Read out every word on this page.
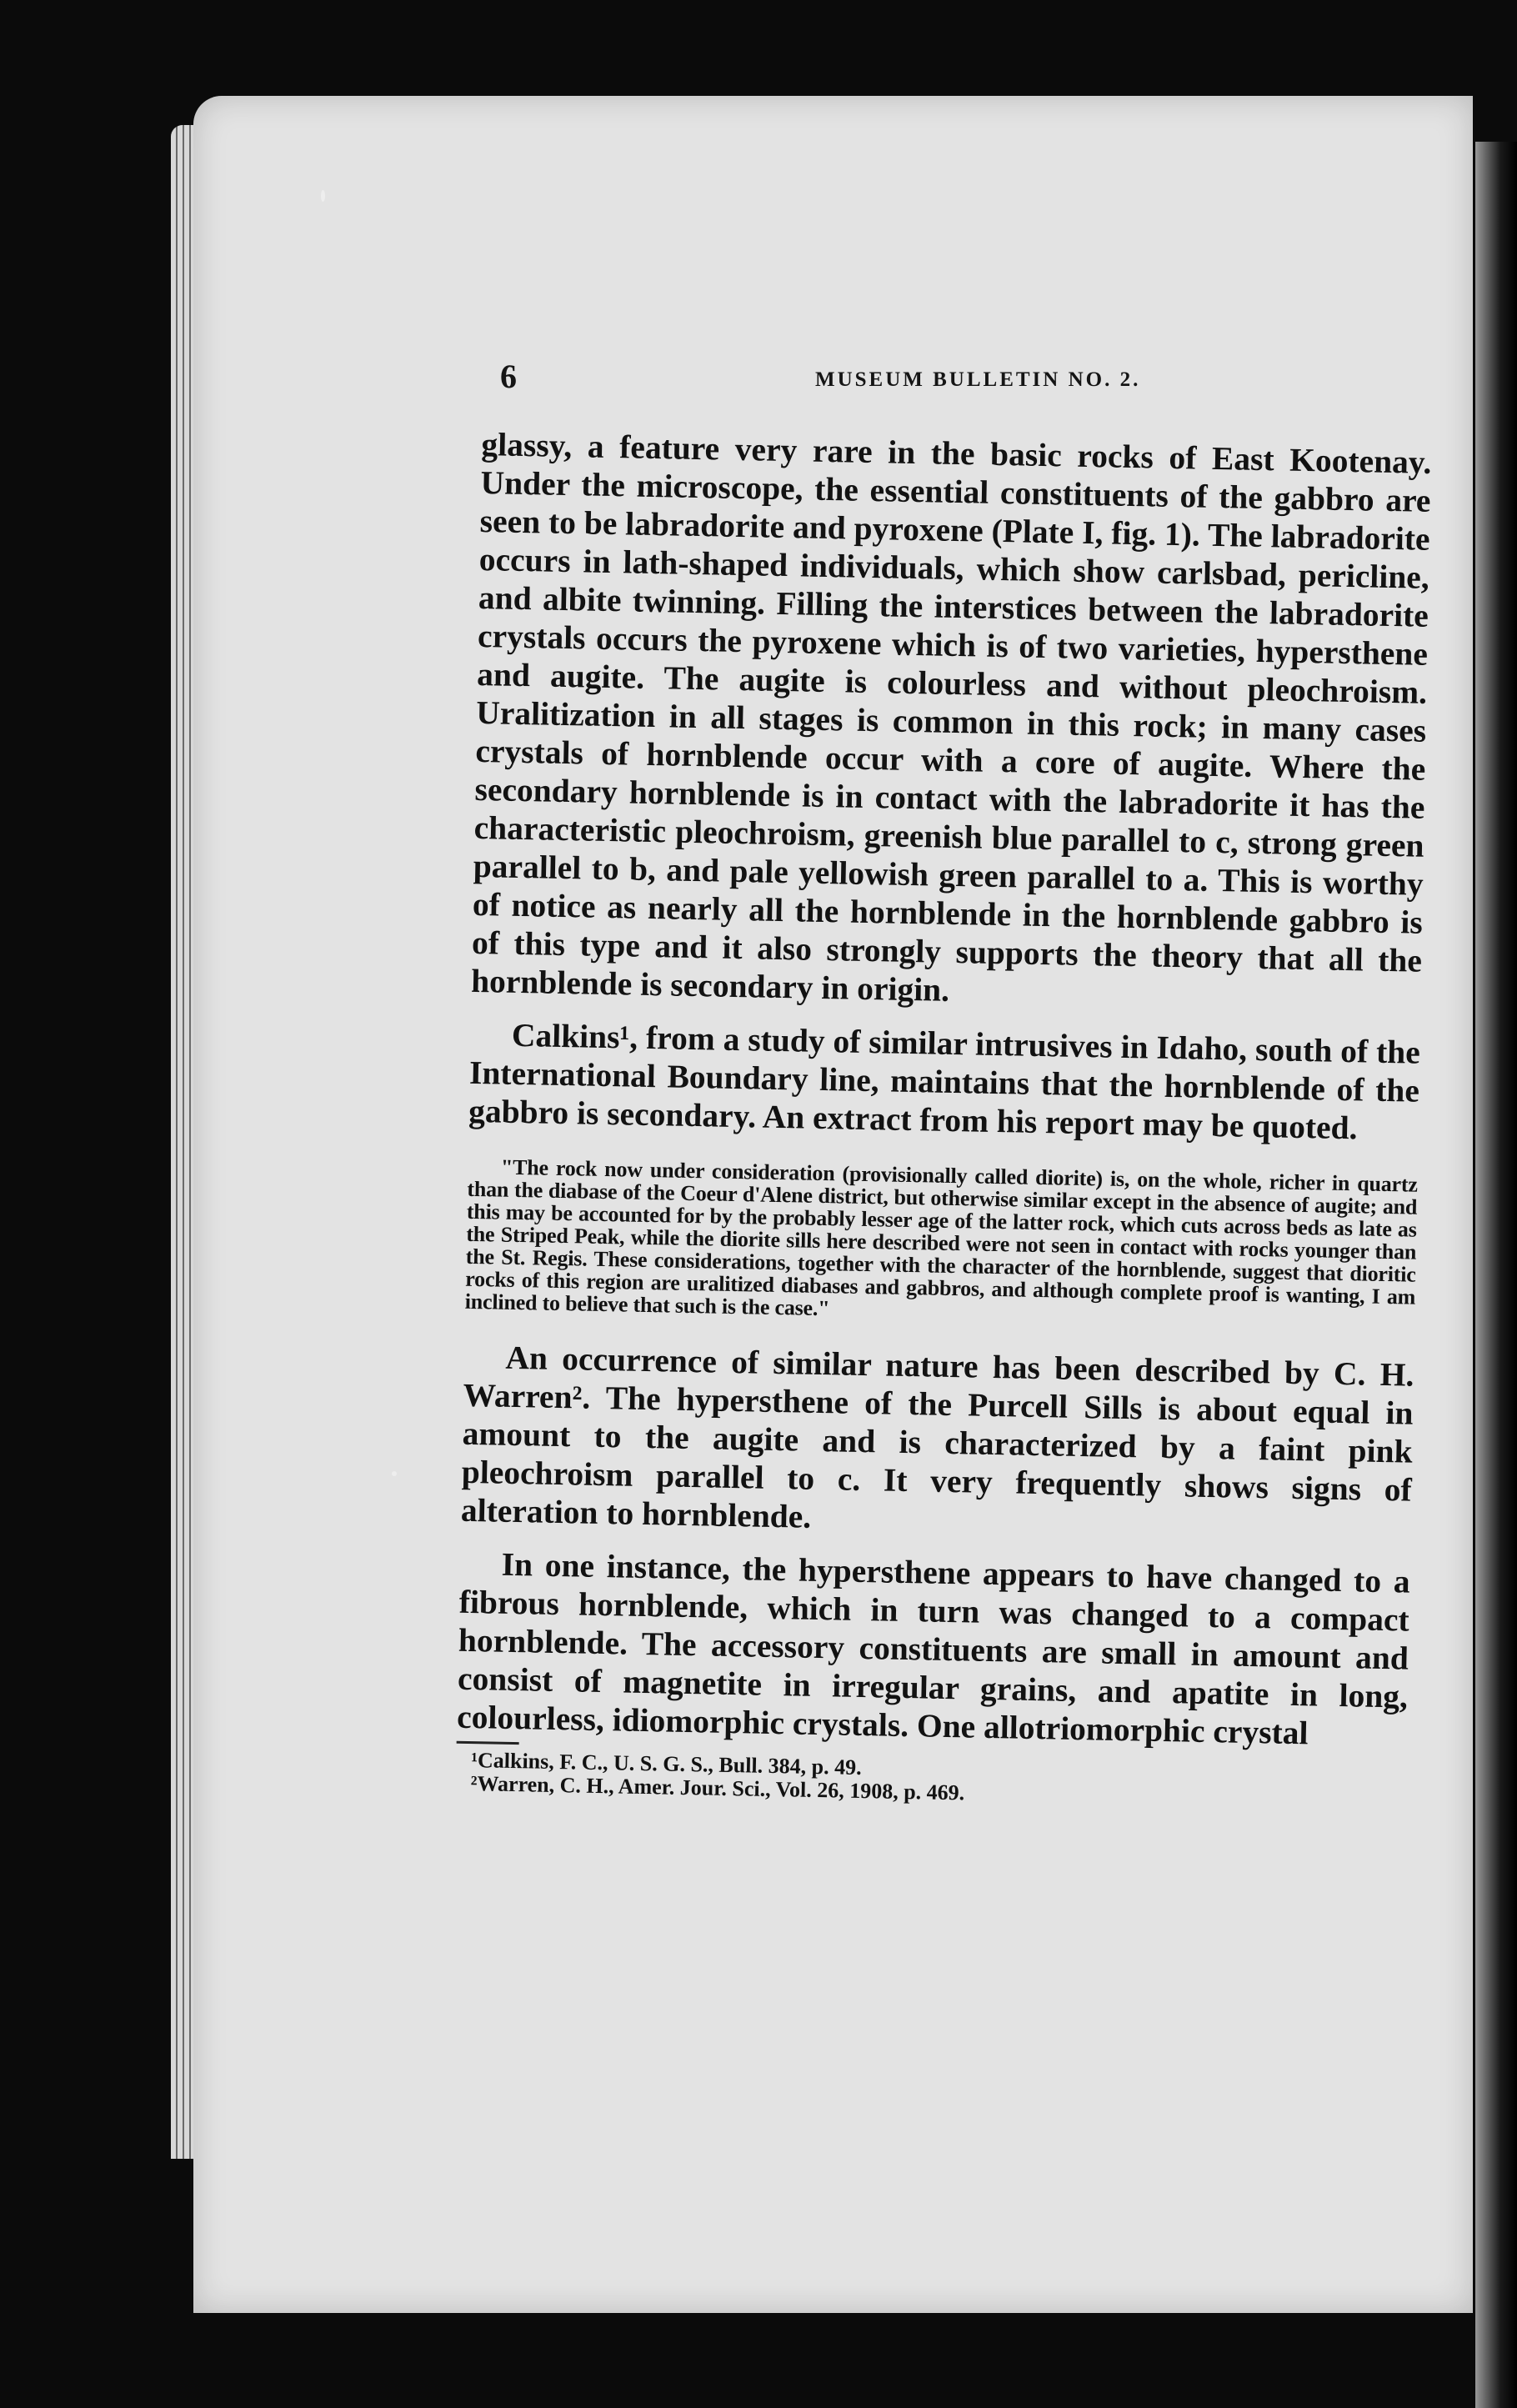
6	MUSEUM BULLETIN NO. 2.

glassy, a feature very rare in the basic rocks of East Kootenay. Under the microscope, the essential constituents of the gabbro are seen to be labradorite and pyroxene (Plate I, fig. 1). The labradorite occurs in lath-shaped individuals, which show carlsbad, pericline, and albite twinning. Filling the interstices between the labradorite crystals occurs the pyroxene which is of two varieties, hypersthene and augite. The augite is colourless and without pleochroism. Uralitization in all stages is common in this rock; in many cases crystals of hornblende occur with a core of augite. Where the secondary hornblende is in contact with the labradorite it has the characteristic pleochroism, greenish blue parallel to c, strong green parallel to b, and pale yellowish green parallel to a. This is worthy of notice as nearly all the hornblende in the hornblende gabbro is of this type and it also strongly supports the theory that all the hornblende is secondary in origin.

Calkins¹, from a study of similar intrusives in Idaho, south of the International Boundary line, maintains that the hornblende of the gabbro is secondary. An extract from his report may be quoted.

"The rock now under consideration (provisionally called diorite) is, on the whole, richer in quartz than the diabase of the Coeur d'Alene district, but otherwise similar except in the absence of augite; and this may be accounted for by the probably lesser age of the latter rock, which cuts across beds as late as the Striped Peak, while the diorite sills here described were not seen in contact with rocks younger than the St. Regis. These considerations, together with the character of the hornblende, suggest that dioritic rocks of this region are uralitized diabases and gabbros, and although complete proof is wanting, I am inclined to believe that such is the case."

An occurrence of similar nature has been described by C. H. Warren². The hypersthene of the Purcell Sills is about equal in amount to the augite and is characterized by a faint pink pleochroism parallel to c. It very frequently shows signs of alteration to hornblende.

In one instance, the hypersthene appears to have changed to a fibrous hornblende, which in turn was changed to a compact hornblende. The accessory constituents are small in amount and consist of magnetite in irregular grains, and apatite in long, colourless, idiomorphic crystals. One allotriomorphic crystal

¹Calkins, F. C., U. S. G. S., Bull. 384, p. 49.

²Warren, C. H., Amer. Jour. Sci., Vol. 26, 1908, p. 469.
